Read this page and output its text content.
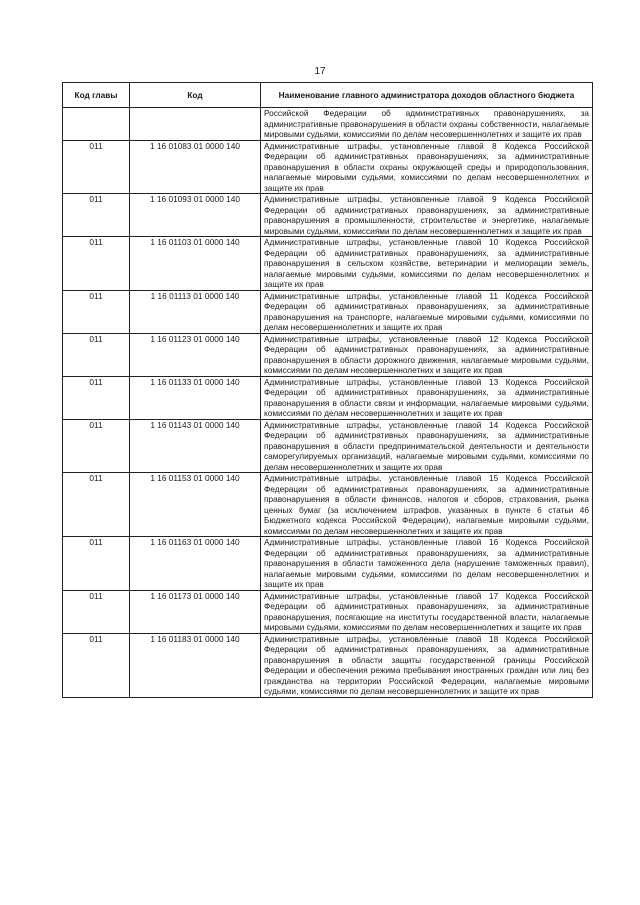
17
Код главы	Код	Наименование главного администратора доходов областного бюджета
		Российской Федерации об административных правонарушениях, за административные правонарушения в области охраны собственности, налагаемые мировыми судьями, комиссиями по делам несовершеннолетних и защите их прав
011	1 16 01083 01 0000 140	Административные штрафы, установленные главой 8 Кодекса Российской Федерации об административных правонарушениях, за административные правонарушения в области охраны окружающей среды и природопользования, налагаемые мировыми судьями, комиссиями по делам несовершеннолетних и защите их прав
011	1 16 01093 01 0000 140	Административные штрафы, установленные главой 9 Кодекса Российской Федерации об административных правонарушениях, за административные правонарушения в промышленности, строительстве и энергетике, налагаемые мировыми судьями, комиссиями по делам несовершеннолетних и защите их прав
011	1 16 01103 01 0000 140	Административные штрафы, установленные главой 10 Кодекса Российской Федерации об административных правонарушениях, за административные правонарушения в сельском хозяйстве, ветеринарии и мелиорации земель, налагаемые мировыми судьями, комиссиями по делам несовершеннолетних и защите их прав
011	1 16 01113 01 0000 140	Административные штрафы, установленные главой 11 Кодекса Российской Федерации об административных правонарушениях, за административные правонарушения на транспорте, налагаемые мировыми судьями, комиссиями по делам несовершеннолетних и защите их прав
011	1 16 01123 01 0000 140	Административные штрафы, установленные главой 12 Кодекса Российской Федерации об административных правонарушениях, за административные правонарушения в области дорожного движения, налагаемые мировыми судьями, комиссиями по делам несовершеннолетних и защите их прав
011	1 16 01133 01 0000 140	Административные штрафы, установленные главой 13 Кодекса Российской Федерации об административных правонарушениях, за административные правонарушения в области связи и информации, налагаемые мировыми судьями, комиссиями по делам несовершеннолетних и защите их прав
011	1 16 01143 01 0000 140	Административные штрафы, установленные главой 14 Кодекса Российской Федерации об административных правонарушениях, за административные правонарушения в области предпринимательской деятельности и деятельности саморегулируемых организаций, налагаемые мировыми судьями, комиссиями по делам несовершеннолетних и защите их прав
011	1 16 01153 01 0000 140	Административные штрафы, установленные главой 15 Кодекса Российской Федерации об административных правонарушениях, за административные правонарушения в области финансов, налогов и сборов, страхования, рынка ценных бумаг (за исключением штрафов, указанных в пункте 6 статьи 46 Бюджетного кодекса Российской Федерации), налагаемые мировыми судьями, комиссиями по делам несовершеннолетних и защите их прав
011	1 16 01163 01 0000 140	Административные штрафы, установленные главой 16 Кодекса Российской Федерации об административных правонарушениях, за административные правонарушения в области таможенного дела (нарушение таможенных правил), налагаемые мировыми судьями, комиссиями по делам несовершеннолетних и защите их прав
011	1 16 01173 01 0000 140	Административные штрафы, установленные главой 17 Кодекса Российской Федерации об административных правонарушениях, за административные правонарушения, посягающие на институты государственной власти, налагаемые мировыми судьями, комиссиями по делам несовершеннолетних и защите их прав
011	1 16 01183 01 0000 140	Административные штрафы, установленные главой 18 Кодекса Российской Федерации об административных правонарушениях, за административные правонарушения в области защиты государственной границы Российской Федерации и обеспечения режима пребывания иностранных граждан или лиц без гражданства на территории Российской Федерации, налагаемые мировыми судьями, комиссиями по делам несовершеннолетних и защите их прав
